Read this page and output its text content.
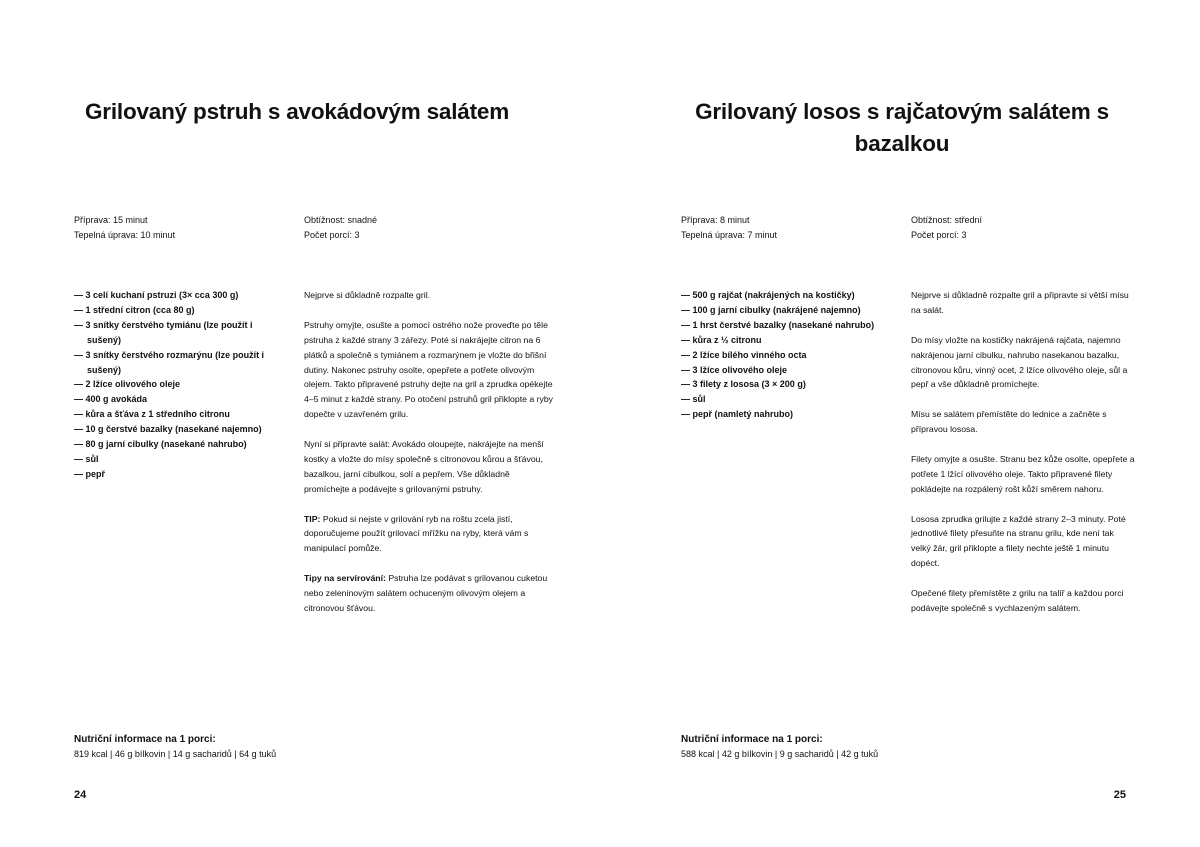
Grilovaný pstruh s avokádovým salátem
Příprava: 15 minut
Tepelná úprava: 10 minut
Obtížnost: snadné
Počet porcí: 3
— 3 celí kuchaní pstruzi (3× cca 300 g)
— 1 střední citron (cca 80 g)
— 3 snítky čerstvého tymiánu (lze použít i sušený)
— 3 snítky čerstvého rozmarýnu (lze použít i sušený)
— 2 lžíce olivového oleje
— 400 g avokáda
— kůra a šťáva z 1 středního citronu
— 10 g čerstvé bazalky (nasekané najemno)
— 80 g jarní cibulky (nasekané nahrubo)
— sůl
— pepř

Nejprve si důkladně rozpalte gril.

Pstruhy omyjte, osušte a pomocí ostrého nože proveďte po těle pstruha z každé strany 3 zářezy. Poté si nakrájejte citron na 6 plátků a společně s tymiánem a rozmarýnem je vložte do břišní dutiny. Nakonec pstruhy osolte, opepřete a potřete olivovým olejem. Takto připravené pstruhy dejte na gril a zprudka opékejte 4–5 minut z každé strany. Po otočení pstruhů gril přiklopte a ryby dopečte v uzavřeném grilu.

Nyní si připravte salát: Avokádo oloupejte, nakrájejte na menší kostky a vložte do mísy společně s citronovou kůrou a šťávou, bazalkou, jarní cibulkou, solí a pepřem. Vše důkladně promíchejte a podávejte s grilovanými pstruhy.

TIP: Pokud si nejste v grilování ryb na roštu zcela jistí, doporučujeme použít grilovací mřížku na ryby, která vám s manipulací pomůže.

Tipy na servírování: Pstruha lze podávat s grilovanou cuketou nebo zeleninovým salátem ochuceným olivovým olejem a citronovou šťávou.

Nutriční informace na 1 porci:
819 kcal | 46 g bílkovin | 14 g sacharidů | 64 g tuků
24
Grilovaný losos s rajčatovým salátem s bazalkou
Příprava: 8 minut
Tepelná úprava: 7 minut
Obtížnost: střední
Počet porcí: 3
— 500 g rajčat (nakrájených na kostičky)
— 100 g jarní cibulky (nakrájené najemno)
— 1 hrst čerstvé bazalky (nasekané nahrubo)
— kůra z ½ citronu
— 2 lžíce bílého vinného octa
— 3 lžíce olivového oleje
— 3 filety z lososa (3 × 200 g)
— sůl
— pepř (namletý nahrubo)

Nejprve si důkladně rozpalte gril a připravte si větší mísu na salát.

Do mísy vložte na kostičky nakrájená rajčata, najemno nakrájenou jarní cibulku, nahrubo nasekanou bazalku, citronovou kůru, vinný ocet, 2 lžíce olivového oleje, sůl a pepř a vše důkladně promíchejte.

Mísu se salátem přemístěte do lednice a začněte s přípravou lososa.

Filety omyjte a osušte. Stranu bez kůže osolte, opepřete a potřete 1 lžící olivového oleje. Takto připravené filety pokládejte na rozpálený rošt kůží směrem nahoru.

Lososa zprudka grilujte z každé strany 2–3 minuty. Poté jednotlivé filety přesuňte na stranu grilu, kde není tak velký žár, gril přiklopte a filety nechte ještě 1 minutu dopéct.

Opečené filety přemístěte z grilu na talíř a každou porci podávejte společně s vychlazeným salátem.

Nutriční informace na 1 porci:
588 kcal | 42 g bílkovin | 9 g sacharidů | 42 g tuků
25
